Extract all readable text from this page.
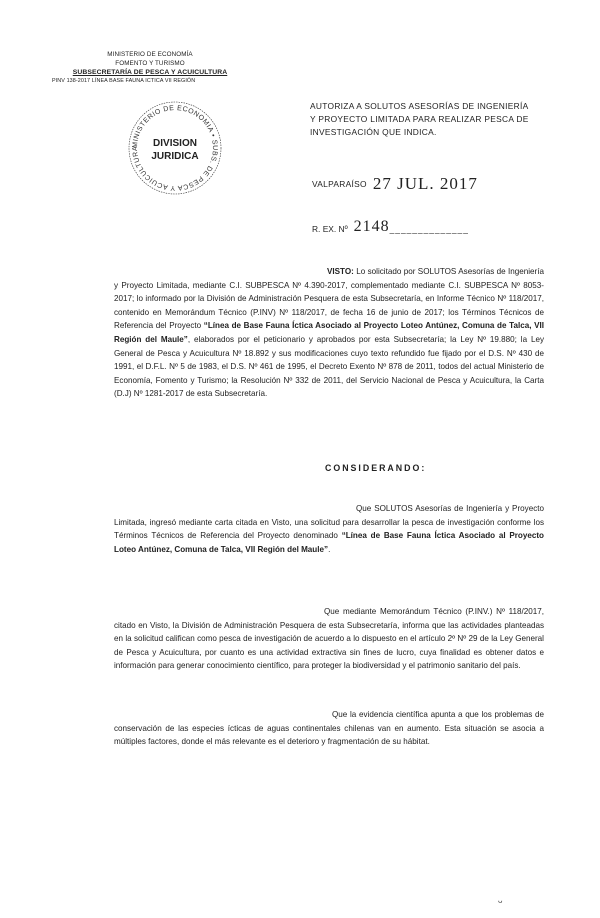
MINISTERIO DE ECONOMÍA
FOMENTO Y TURISMO
SUBSECRETARÍA DE PESCA Y ACUICULTURA
PINV 138-2017 LÍNEA BASE FAUNA ICTICA VII REGIÓN
MINISTERIO DE ECONOMIA • SUBS. DE PESCA Y ACUICULTURA	DIVISION
JURIDICA
AUTORIZA A SOLUTOS ASESORÍAS DE INGENIERÍA
Y PROYECTO LIMITADA PARA REALIZAR PESCA DE
INVESTIGACIÓN QUE INDICA.
VALPARAÍSO 27 JUL. 2017
R. EX. Nº 2148______________
VISTO: Lo solicitado por SOLUTOS Asesorías de Ingeniería y Proyecto Limitada, mediante C.I. SUBPESCA Nº 4.390-2017, complementado mediante C.I. SUBPESCA Nº 8053-2017; lo informado por la División de Administración Pesquera de esta Subsecretaría, en Informe Técnico Nº 118/2017, contenido en Memorándum Técnico (P.INV) Nº 118/2017, de fecha 16 de junio de 2017; los Términos Técnicos de Referencia del Proyecto “Línea de Base Fauna Íctica Asociado al Proyecto Loteo Antúnez, Comuna de Talca, VII Región del Maule”, elaborados por el peticionario y aprobados por esta Subsecretaría; la Ley Nº 19.880; la Ley General de Pesca y Acuicultura Nº 18.892 y sus modificaciones cuyo texto refundido fue fijado por el D.S. Nº 430 de 1991, el D.F.L. Nº 5 de 1983, el D.S. Nº 461 de 1995, el Decreto Exento Nº 878 de 2011, todos del actual Ministerio de Economía, Fomento y Turismo; la Resolución Nº 332 de 2011, del Servicio Nacional de Pesca y Acuicultura, la Carta (D.J) Nº 1281-2017 de esta Subsecretaría.
CONSIDERANDO:
Que SOLUTOS Asesorías de Ingeniería y Proyecto Limitada, ingresó mediante carta citada en Visto, una solicitud para desarrollar la pesca de investigación conforme los Términos Técnicos de Referencia del Proyecto denominado “Línea de Base Fauna Íctica Asociado al Proyecto Loteo Antúnez, Comuna de Talca, VII Región del Maule”.
Que mediante Memorándum Técnico (P.INV.) Nº 118/2017, citado en Visto, la División de Administración Pesquera de esta Subsecretaría, informa que las actividades planteadas en la solicitud califican como pesca de investigación de acuerdo a lo dispuesto en el artículo 2º Nº 29 de la Ley General de Pesca y Acuicultura, por cuanto es una actividad extractiva sin fines de lucro, cuya finalidad es obtener datos e información para generar conocimiento científico, para proteger la biodiversidad y el patrimonio sanitario del país.
Que la evidencia científica apunta a que los problemas de conservación de las especies ícticas de aguas continentales chilenas van en aumento. Esta situación se asocia a múltiples factores, donde el más relevante es el deterioro y fragmentación de su hábitat.
ᴗ
